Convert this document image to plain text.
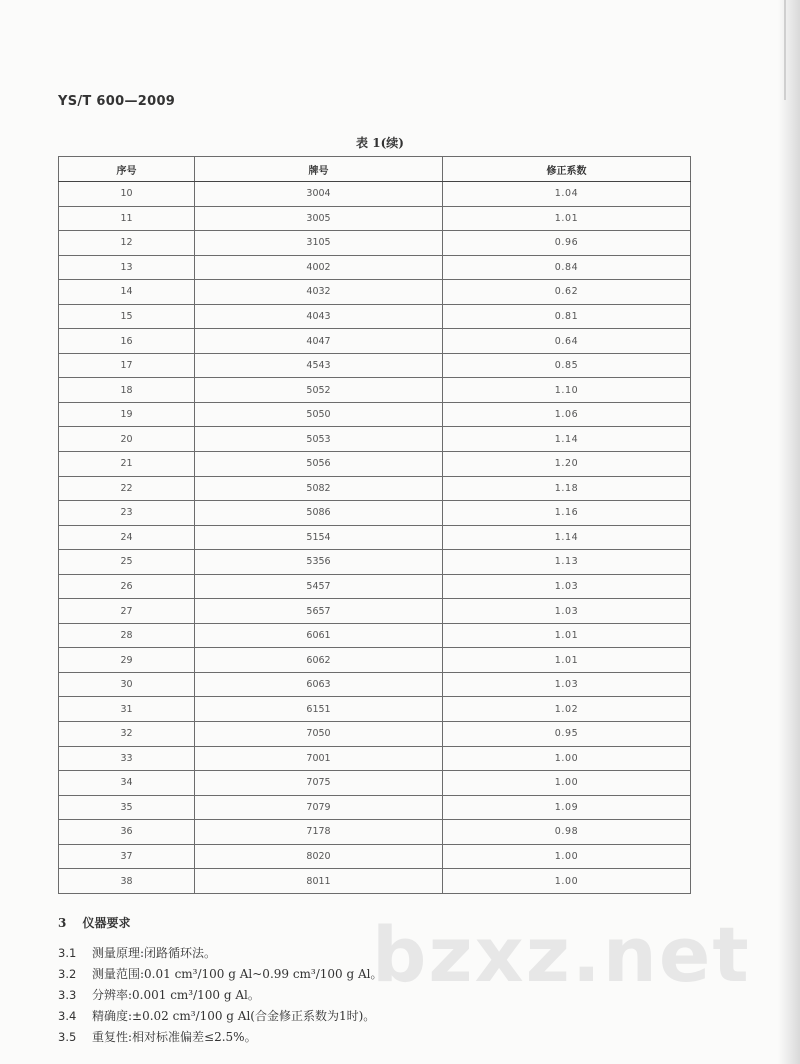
YS/T 600—2009
表 1(续)
序号	牌号	修正系数
10	3004	1.04
11	3005	1.01
12	3105	0.96
13	4002	0.84
14	4032	0.62
15	4043	0.81
16	4047	0.64
17	4543	0.85
18	5052	1.10
19	5050	1.06
20	5053	1.14
21	5056	1.20
22	5082	1.18
23	5086	1.16
24	5154	1.14
25	5356	1.13
26	5457	1.03
27	5657	1.03
28	6061	1.01
29	6062	1.01
30	6063	1.03
31	6151	1.02
32	7050	0.95
33	7001	1.00
34	7075	1.00
35	7079	1.09
36	7178	0.98
37	8020	1.00
38	8011	1.00
3 仪器要求
3.1 测量原理:闭路循环法。
3.2 测量范围:0.01 cm³/100 g Al~0.99 cm³/100 g Al。
3.3 分辨率:0.001 cm³/100 g Al。
3.4 精确度:±0.02 cm³/100 g Al(合金修正系数为1时)。
3.5 重复性:相对标准偏差≤2.5%。
bzxz.net
